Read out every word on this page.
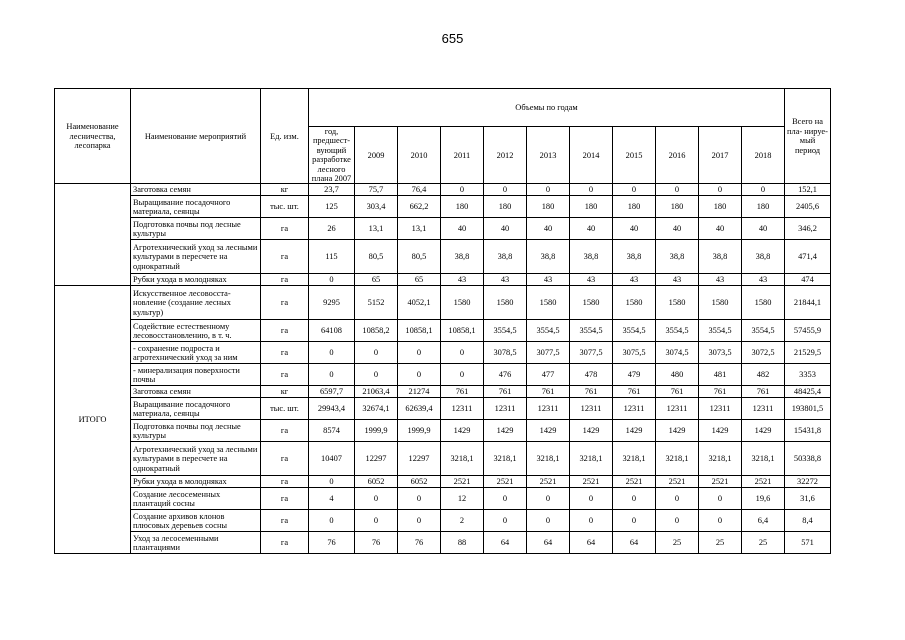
655
Наименование лесничества, лесопарка	Наименование мероприятий	Ед. изм.	Объемы по годам											Всего на пла- нируе- мый период
			год, предшест- вующий разработке лесного плана 2007	2009	2010	2011	2012	2013	2014	2015	2016	2017	2018	
	Заготовка семян	кг	23,7	75,7	76,4	0	0	0	0	0	0	0	0	152,1
	Выращивание посадочного материала, сеянцы	тыс. шт.	125	303,4	662,2	180	180	180	180	180	180	180	180	2405,6
	Подготовка почвы под лесные культуры	га	26	13,1	13,1	40	40	40	40	40	40	40	40	346,2
	Агротехнический уход за лесными культурами в пересчете на однократный	га	115	80,5	80,5	38,8	38,8	38,8	38,8	38,8	38,8	38,8	38,8	471,4
	Рубки ухода в молодняках	га	0	65	65	43	43	43	43	43	43	43	43	474
ИТОГО	Искусственное лесовосста- новление (создание лесных культур)	га	9295	5152	4052,1	1580	1580	1580	1580	1580	1580	1580	1580	21844,1
	Содействие естественному лесовосстановлению, в т. ч.	га	64108	10858,2	10858,1	10858,1	3554,5	3554,5	3554,5	3554,5	3554,5	3554,5	3554,5	57455,9
	- сохранение подроста и агротехнический уход за ним	га	0	0	0	0	3078,5	3077,5	3077,5	3075,5	3074,5	3073,5	3072,5	21529,5
	- минерализация поверхности почвы	га	0	0	0	0	476	477	478	479	480	481	482	3353
	Заготовка семян	кг	6597,7	21063,4	21274	761	761	761	761	761	761	761	761	48425,4
	Выращивание посадочного материала, сеянцы	тыс. шт.	29943,4	32674,1	62639,4	12311	12311	12311	12311	12311	12311	12311	12311	193801,5
	Подготовка почвы под лесные культуры	га	8574	1999,9	1999,9	1429	1429	1429	1429	1429	1429	1429	1429	15431,8
	Агротехнический уход за лесными культурами в пересчете на однократный	га	10407	12297	12297	3218,1	3218,1	3218,1	3218,1	3218,1	3218,1	3218,1	3218,1	50338,8
	Рубки ухода в молодняках	га	0	6052	6052	2521	2521	2521	2521	2521	2521	2521	2521	32272
	Создание лесосеменных плантаций сосны	га	4	0	0	12	0	0	0	0	0	0	19,6	31,6
	Создание архивов клонов плюсовых деревьев сосны	га	0	0	0	2	0	0	0	0	0	0	6,4	8,4
	Уход за лесосеменными плантациями	га	76	76	76	88	64	64	64	64	25	25	25	571
